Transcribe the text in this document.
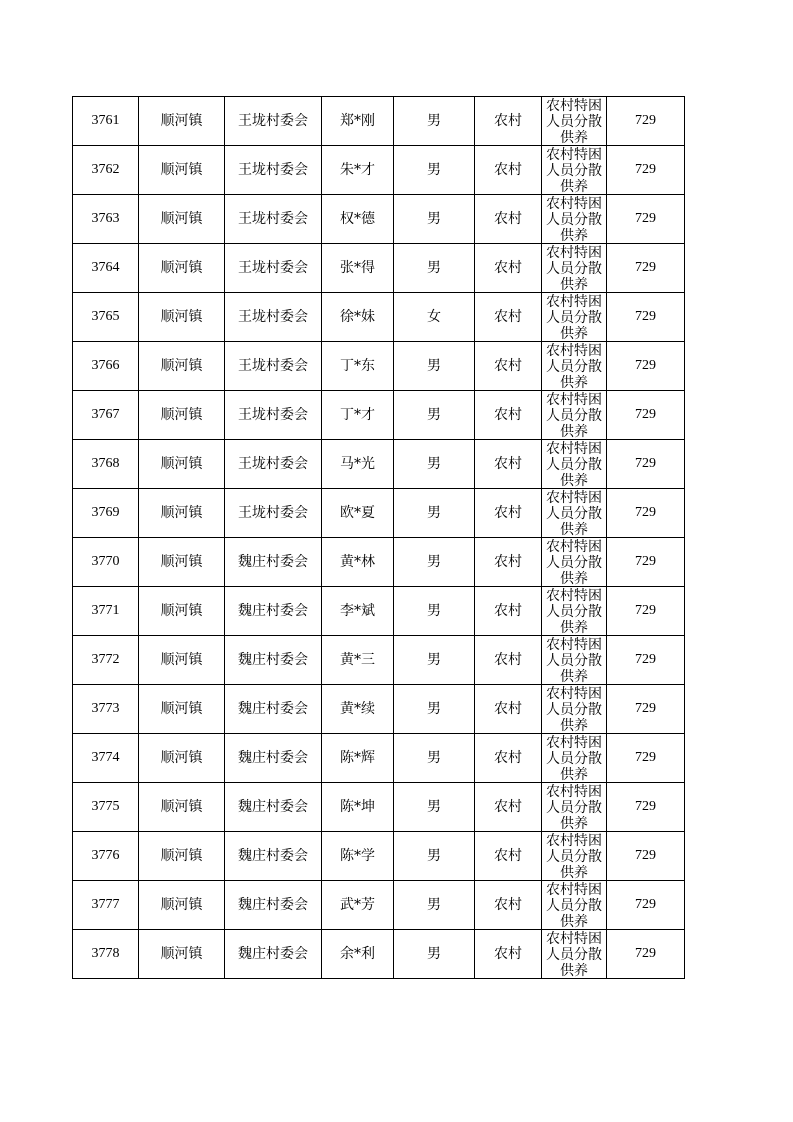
3761	顺河镇	王垅村委会	郑*刚	男	农村	农村特困人员分散供养	729
3762	顺河镇	王垅村委会	朱*才	男	农村	农村特困人员分散供养	729
3763	顺河镇	王垅村委会	权*德	男	农村	农村特困人员分散供养	729
3764	顺河镇	王垅村委会	张*得	男	农村	农村特困人员分散供养	729
3765	顺河镇	王垅村委会	徐*妹	女	农村	农村特困人员分散供养	729
3766	顺河镇	王垅村委会	丁*东	男	农村	农村特困人员分散供养	729
3767	顺河镇	王垅村委会	丁*才	男	农村	农村特困人员分散供养	729
3768	顺河镇	王垅村委会	马*光	男	农村	农村特困人员分散供养	729
3769	顺河镇	王垅村委会	欧*夏	男	农村	农村特困人员分散供养	729
3770	顺河镇	魏庄村委会	黄*林	男	农村	农村特困人员分散供养	729
3771	顺河镇	魏庄村委会	李*斌	男	农村	农村特困人员分散供养	729
3772	顺河镇	魏庄村委会	黄*三	男	农村	农村特困人员分散供养	729
3773	顺河镇	魏庄村委会	黄*续	男	农村	农村特困人员分散供养	729
3774	顺河镇	魏庄村委会	陈*辉	男	农村	农村特困人员分散供养	729
3775	顺河镇	魏庄村委会	陈*坤	男	农村	农村特困人员分散供养	729
3776	顺河镇	魏庄村委会	陈*学	男	农村	农村特困人员分散供养	729
3777	顺河镇	魏庄村委会	武*芳	男	农村	农村特困人员分散供养	729
3778	顺河镇	魏庄村委会	余*利	男	农村	农村特困人员分散供养	729
